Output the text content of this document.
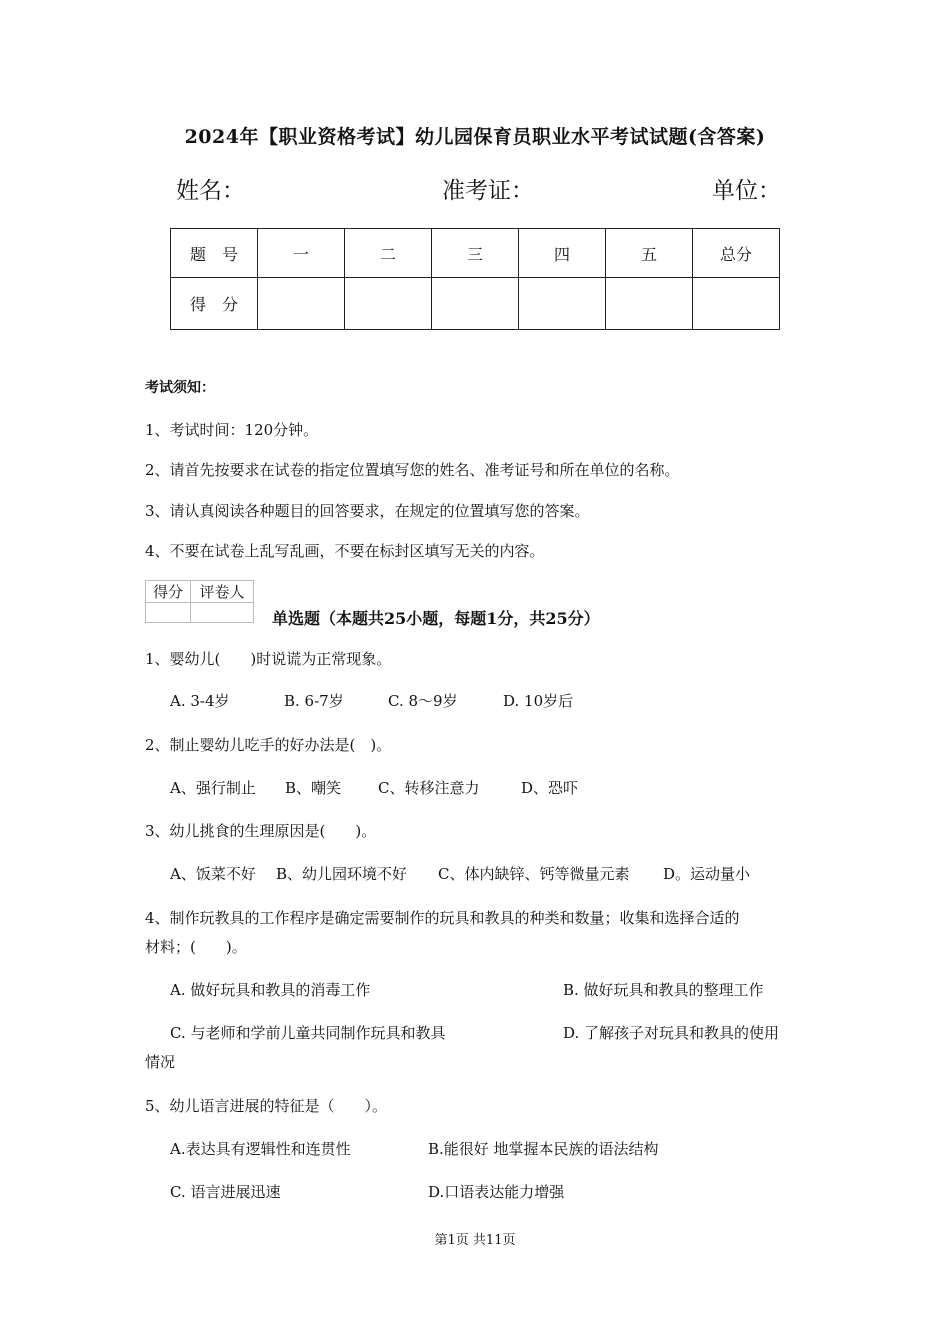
2024年【职业资格考试】幼儿园保育员职业水平考试试题(含答案)
姓名：	准考证：	单位：
题　号	一	二	三	四	五	总分
得　分						
考试须知：
1、考试时间：120分钟。
2、请首先按要求在试卷的指定位置填写您的姓名、准考证号和所在单位的名称。
3、请认真阅读各种题目的回答要求，在规定的位置填写您的答案。
4、不要在试卷上乱写乱画，不要在标封区填写无关的内容。
得分	评卷人

单选题（本题共25小题，每题1分，共25分）
1、婴幼儿(　　)时说谎为正常现象。
A. 3-4岁	B. 6-7岁	C. 8～9岁	D. 10岁后
2、制止婴幼儿吃手的好办法是(　)。
A、强行制止 B、嘲笑 C、转移注意力	D、恐吓
3、幼儿挑食的生理原因是(　　)。
A、饭菜不好 B、幼儿园环境不好 C、体内缺锌、钙等微量元素 D。运动量小
4、制作玩教具的工作程序是确定需要制作的玩具和教具的种类和数量；收集和选择合适的
材料；(　　)。
A. 做好玩具和教具的消毒工作	B. 做好玩具和教具的整理工作
C. 与老师和学前儿童共同制作玩具和教具	D. 了解孩子对玩具和教具的使用
情况
5、幼儿语言进展的特征是（　　）。
A.表达具有逻辑性和连贯性	B.能很好 地掌握本民族的语法结构
C. 语言进展迅速	D.口语表达能力增强
第1页 共11页
